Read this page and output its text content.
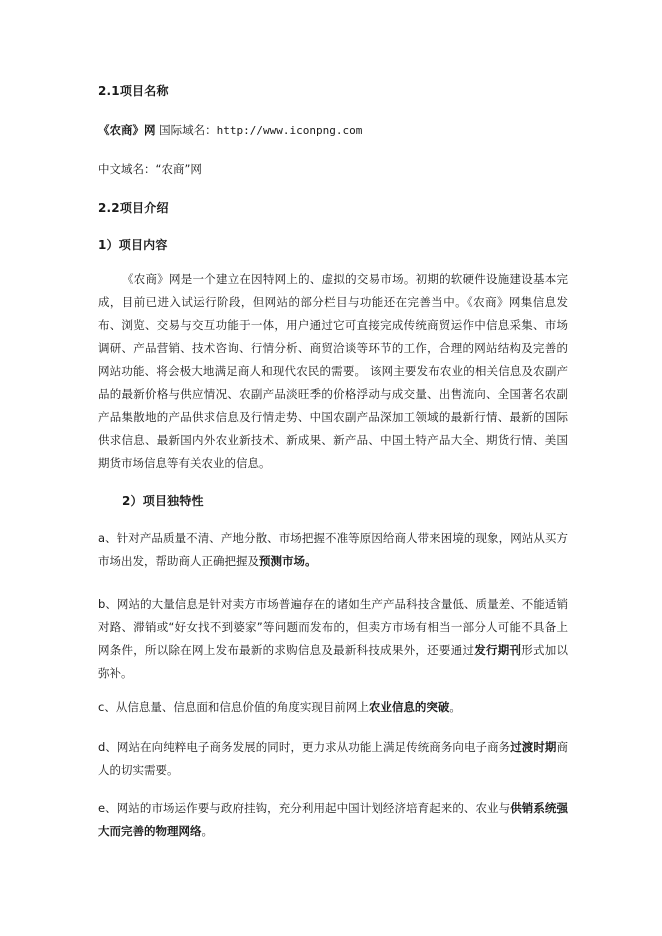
2.1项目名称
《农商》网 国际域名：http://www.iconpng.com
中文域名：“农商”网
2.2项目介绍
1）项目内容
《农商》网是一个建立在因特网上的、虚拟的交易市场。初期的软硬件设施建设基本完成，目前已进入试运行阶段，但网站的部分栏目与功能还在完善当中。《农商》网集信息发布、浏览、交易与交互功能于一体，用户通过它可直接完成传统商贸运作中信息采集、市场调研、产品营销、技术咨询、行情分析、商贸洽谈等环节的工作，合理的网站结构及完善的网站功能、将会极大地满足商人和现代农民的需要。 该网主要发布农业的相关信息及农副产品的最新价格与供应情况、农副产品淡旺季的价格浮动与成交量、出售流向、全国著名农副产品集散地的产品供求信息及行情走势、中国农副产品深加工领域的最新行情、最新的国际供求信息、最新国内外农业新技术、新成果、新产品、中国土特产品大全、期货行情、美国期货市场信息等有关农业的信息。
2）项目独特性
a、针对产品质量不清、产地分散、市场把握不准等原因给商人带来困境的现象，网站从买方市场出发，帮助商人正确把握及预测市场。
b、网站的大量信息是针对卖方市场普遍存在的诸如生产产品科技含量低、质量差、不能适销对路、滞销或“好女找不到婆家”等问题而发布的，但卖方市场有相当一部分人可能不具备上网条件，所以除在网上发布最新的求购信息及最新科技成果外，还要通过发行期刊形式加以弥补。
c、从信息量、信息面和信息价值的角度实现目前网上农业信息的突破。
d、网站在向纯粹电子商务发展的同时，更力求从功能上满足传统商务向电子商务过渡时期商人的切实需要。
e、网站的市场运作要与政府挂钩，充分利用起中国计划经济培育起来的、农业与供销系统强大而完善的物理网络。
